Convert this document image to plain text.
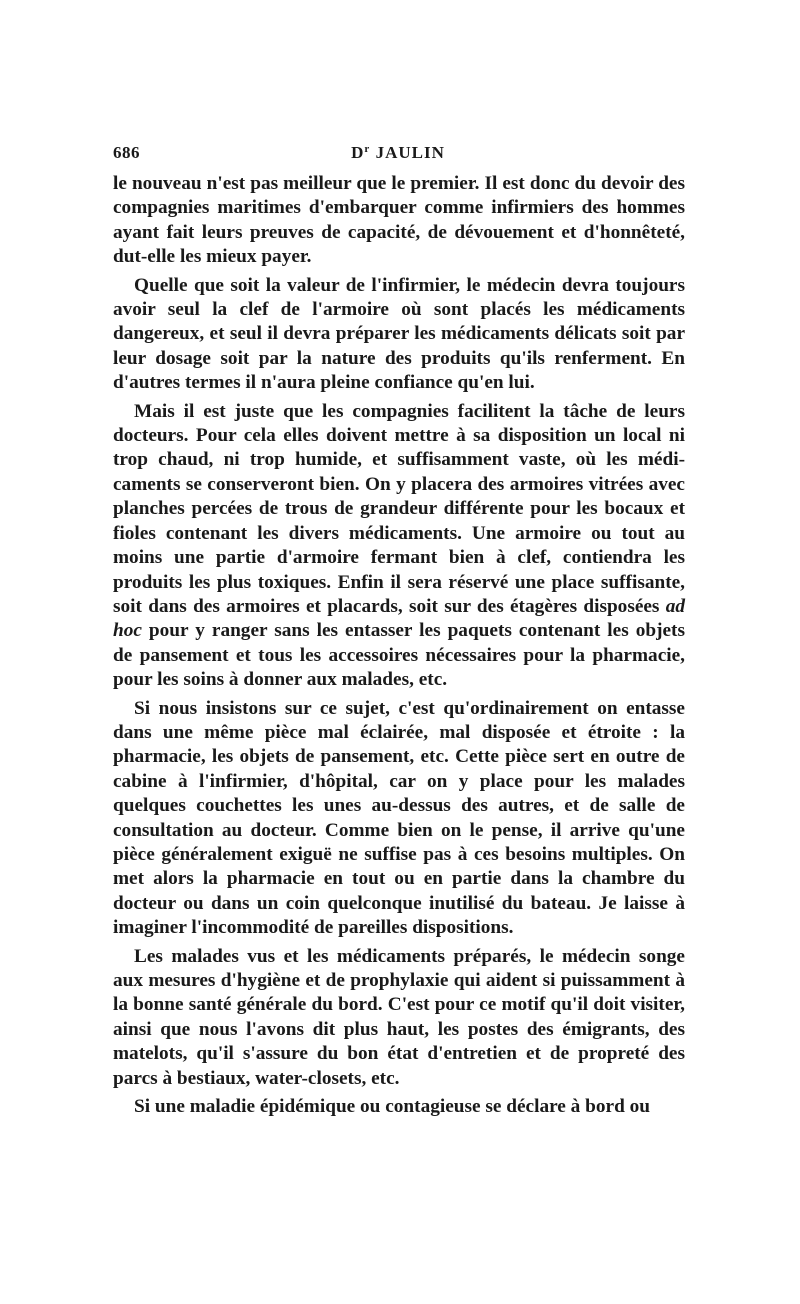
686	$D^r$ JAULIN

le nouveau n'est pas meilleur que le premier. Il est donc du devoir des compagnies maritimes d'embarquer comme infirmiers des hommes ayant fait leurs preuves de capacité, de dévouement et d'honnêteté, dut-elle les mieux payer.

Quelle que soit la valeur de l'infirmier, le médecin devra toujours avoir seul la clef de l'armoire où sont placés les médicaments dangereux, et seul il devra préparer les médicaments délicats soit par leur dosage soit par la nature des produits qu'ils renferment. En d'autres termes il n'aura pleine confiance qu'en lui.

Mais il est juste que les compagnies facilitent la tâche de leurs docteurs. Pour cela elles doivent mettre à sa disposition un local ni trop chaud, ni trop humide, et suffisamment vaste, où les médicaments se conserveront bien. On y placera des armoires vitrées avec planches percées de trous de grandeur différente pour les bocaux et fioles contenant les divers médicaments. Une armoire ou tout au moins une partie d'armoire fermant bien à clef, contiendra les produits les plus toxiques. Enfin il sera réservé une place suffisante, soit dans des armoires et placards, soit sur des étagères disposées ad hoc pour y ranger sans les entasser les paquets contenant les objets de pansement et tous les accessoires nécessaires pour la pharmacie, pour les soins à donner aux malades, etc.

Si nous insistons sur ce sujet, c'est qu'ordinairement on entasse dans une même pièce mal éclairée, mal disposée et étroite : la pharmacie, les objets de pansement, etc. Cette pièce sert en outre de cabine à l'infirmier, d'hôpital, car on y place pour les malades quelques couchettes les unes au-dessus des autres, et de salle de consultation au docteur. Comme bien on le pense, il arrive qu'une pièce généralement exiguë ne suffise pas à ces besoins multiples. On met alors la pharmacie en tout ou en partie dans la chambre du docteur ou dans un coin quelconque inutilisé du bateau. Je laisse à imaginer l'incommodité de pareilles dispositions.

Les malades vus et les médicaments préparés, le médecin songe aux mesures d'hygiène et de prophylaxie qui aident si puissamment à la bonne santé générale du bord. C'est pour ce motif qu'il doit visiter, ainsi que nous l'avons dit plus haut, les postes des émigrants, des matelots, qu'il s'assure du bon état d'entretien et de propreté des parcs à bestiaux, water-closets, etc.

Si une maladie épidémique ou contagieuse se déclare à bord ou
